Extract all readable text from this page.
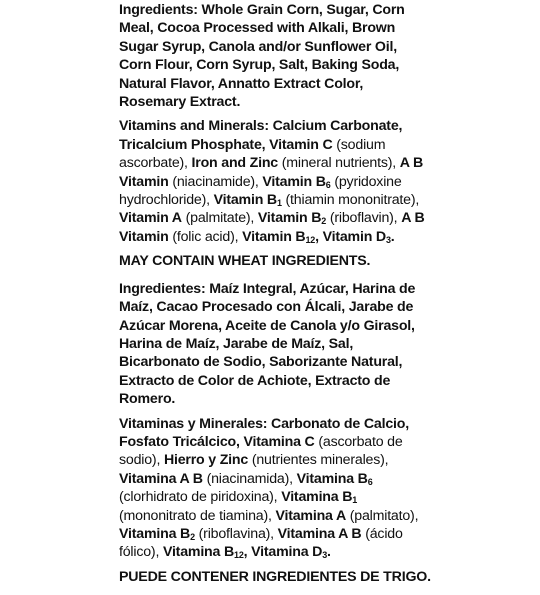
Ingredients: Whole Grain Corn, Sugar, Corn Meal, Cocoa Processed with Alkali, Brown Sugar Syrup, Canola and/or Sunflower Oil, Corn Flour, Corn Syrup, Salt, Baking Soda, Natural Flavor, Annatto Extract Color, Rosemary Extract.

Vitamins and Minerals: Calcium Carbonate, Tricalcium Phosphate, Vitamin C (sodium ascorbate), Iron and Zinc (mineral nutrients), A B Vitamin (niacinamide), Vitamin $B_6$ (pyridoxine hydrochloride), Vitamin $B_1$ (thiamin mononitrate), Vitamin A (palmitate), Vitamin $B_2$ (riboflavin), A B Vitamin (folic acid), Vitamin $B_{12}$, Vitamin $D_3$.

MAY CONTAIN WHEAT INGREDIENTS.

Ingredientes: Maíz Integral, Azúcar, Harina de Maíz, Cacao Procesado con Álcali, Jarabe de Azúcar Morena, Aceite de Canola y/o Girasol, Harina de Maíz, Jarabe de Maíz, Sal, Bicarbonato de Sodio, Saborizante Natural, Extracto de Color de Achiote, Extracto de Romero.

Vitaminas y Minerales: Carbonato de Calcio, Fosfato Tricálcico, Vitamina C (ascorbato de sodio), Hierro y Zinc (nutrientes minerales), Vitamina A B (niacinamida), Vitamina $B_6$ (clorhidrato de piridoxina), Vitamina $B_1$ (mononitrato de tiamina), Vitamina A (palmitato), Vitamina $B_2$ (riboflavina), Vitamina A B (ácido fólico), Vitamina $B_{12}$, Vitamina $D_3$.

PUEDE CONTENER INGREDIENTES DE TRIGO.
